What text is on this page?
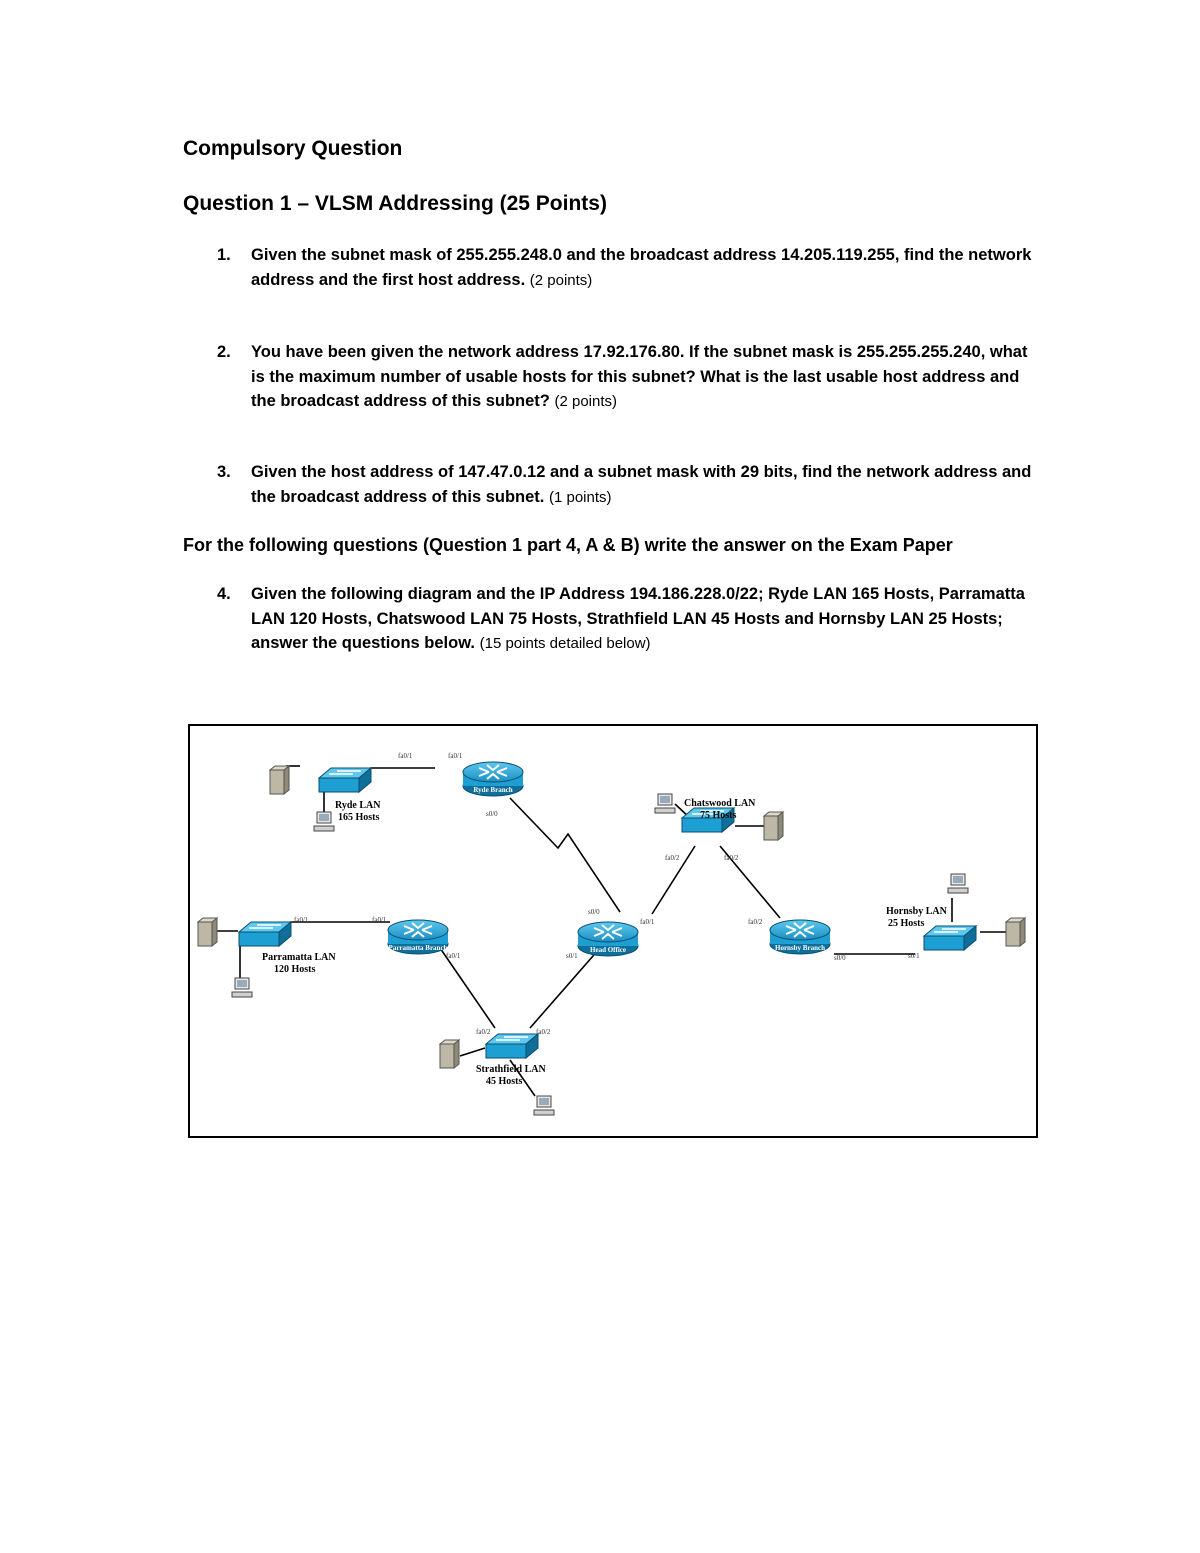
Compulsory Question
Question 1 – VLSM Addressing (25 Points)
1. Given the subnet mask of 255.255.248.0 and the broadcast address 14.205.119.255, find the network address and the first host address. (2 points)
2. You have been given the network address 17.92.176.80. If the subnet mask is 255.255.255.240, what is the maximum number of usable hosts for this subnet? What is the last usable host address and the broadcast address of this subnet? (2 points)
3. Given the host address of 147.47.0.12 and a subnet mask with 29 bits, find the network address and the broadcast address of this subnet. (1 points)
For the following questions (Question 1 part 4, A & B) write the answer on the Exam Paper
4. Given the following diagram and the IP Address 194.186.228.0/22; Ryde LAN 165 Hosts, Parramatta LAN 120 Hosts, Chatswood LAN 75 Hosts, Strathfield LAN 45 Hosts and Hornsby LAN 25 Hosts; answer the questions below. (15 points detailed below)
Ryde Branch
Parramatta Branch	Head Office	Hornsby Branch
Ryde LAN
165 Hosts
Parramatta LAN
120 Hosts
Chatswood LAN
75 Hosts
Strathfield LAN
45 Hosts
Hornsby LAN
25 Hosts
fa0/1	fa0/1
s0/0
fa0/2	fa0/2
s0/0
fa0/1
s0/1
fa0/2
s0/0	s0/1
fa0/1	fa0/1
fa0/1
fa0/2	fa0/2
